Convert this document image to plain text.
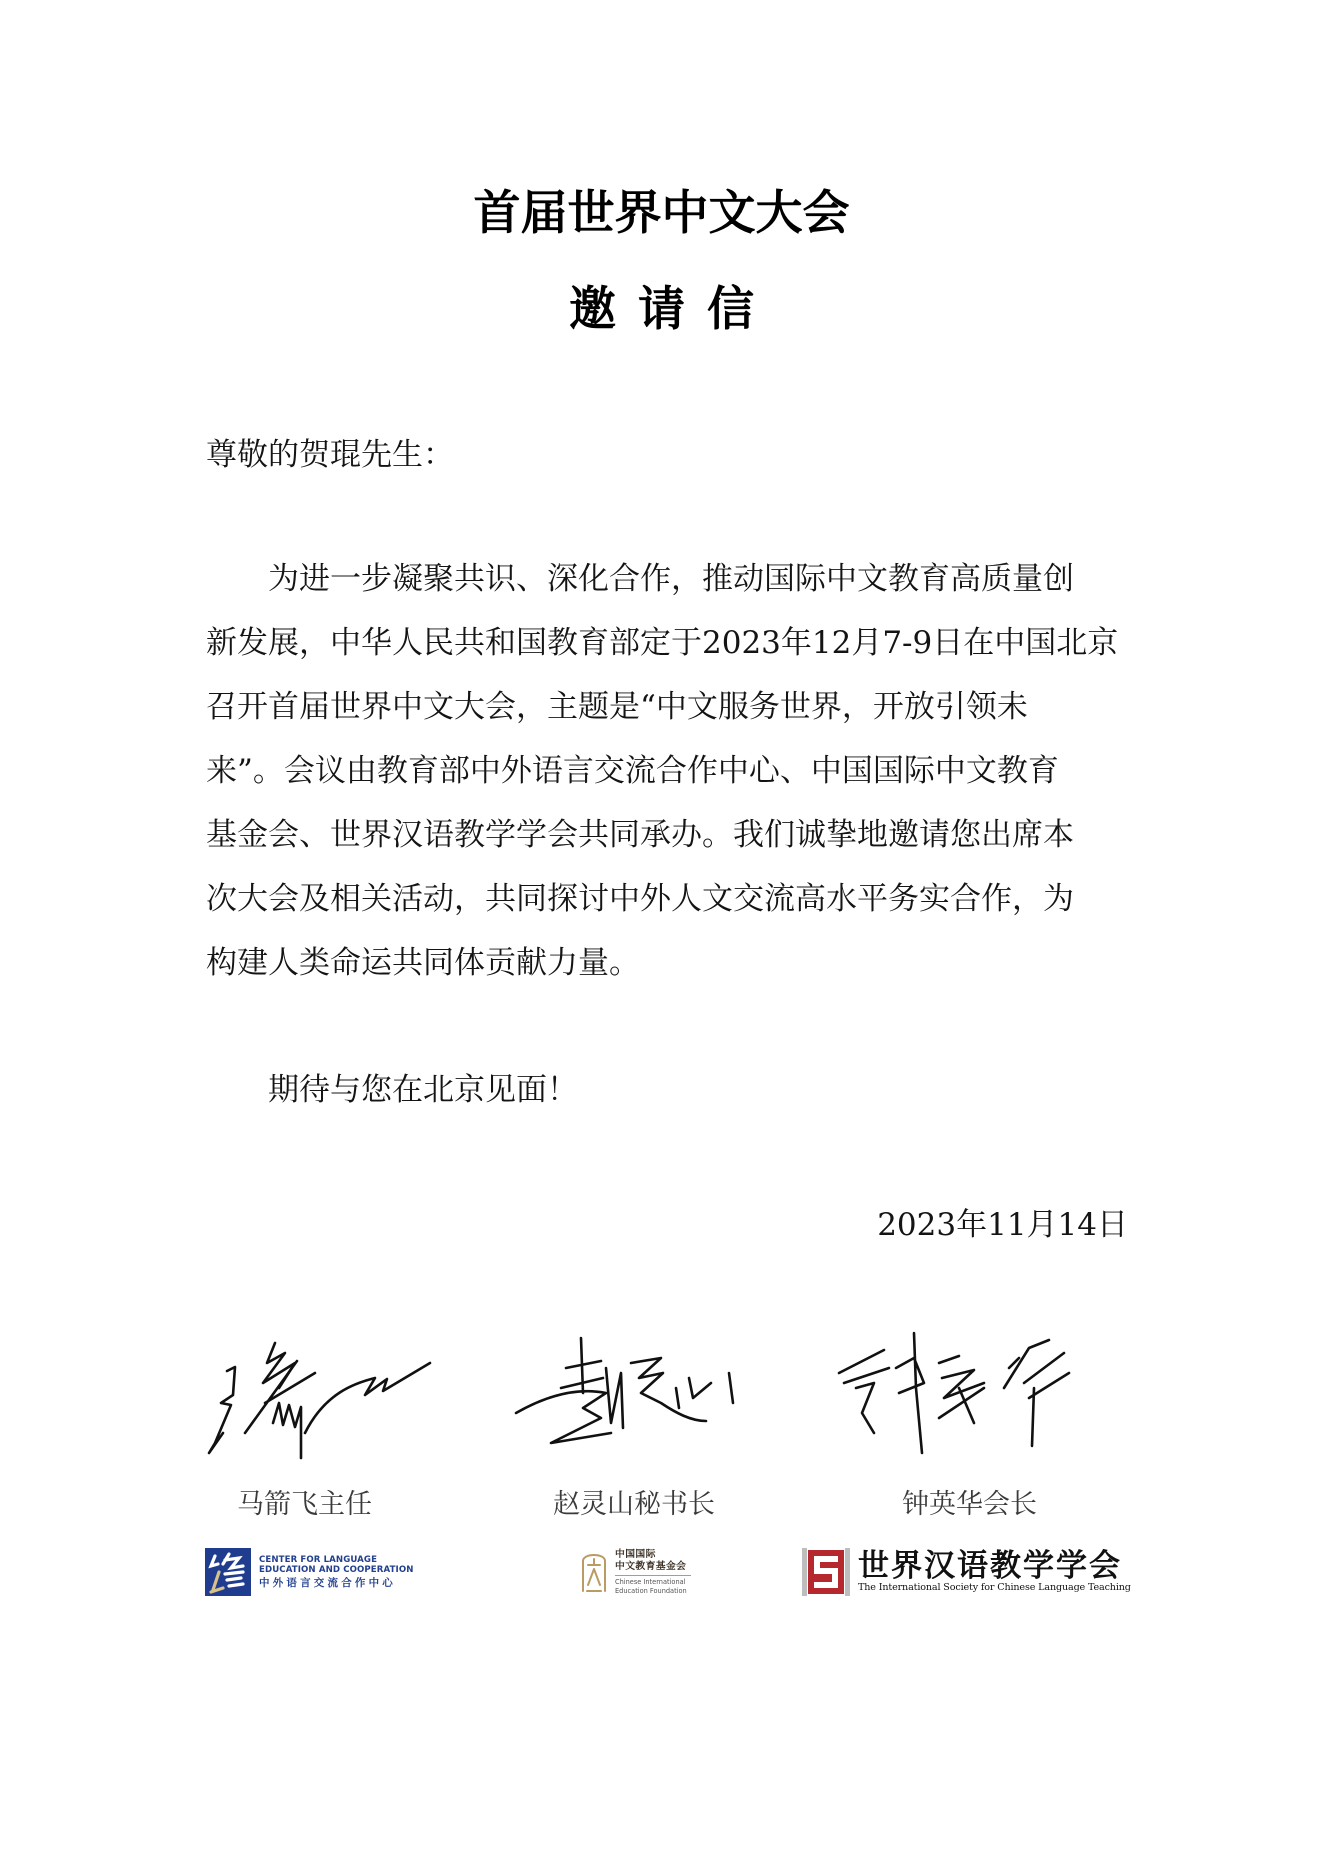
首届世界中文大会
邀 请 信
尊敬的贺琨先生：
为进一步凝聚共识、深化合作，推动国际中文教育高质量创
新发展，中华人民共和国教育部定于2023年12月7-9日在中国北京
召开首届世界中文大会，主题是“中文服务世界，开放引领未
来”。会议由教育部中外语言交流合作中心、中国国际中文教育
基金会、世界汉语教学学会共同承办。我们诚挚地邀请您出席本
次大会及相关活动，共同探讨中外人文交流高水平务实合作，为
构建人类命运共同体贡献力量。
期待与您在北京见面！
2023年11月14日
马箭飞主任	赵灵山秘书长	钟英华会长
CENTER FOR LANGUAGE
EDUCATION AND COOPERATION
中外语言交流合作中心
中国国际
中文教育基金会
Chinese International
Education Foundation
世界汉语教学学会
The International Society for Chinese Language Teaching
